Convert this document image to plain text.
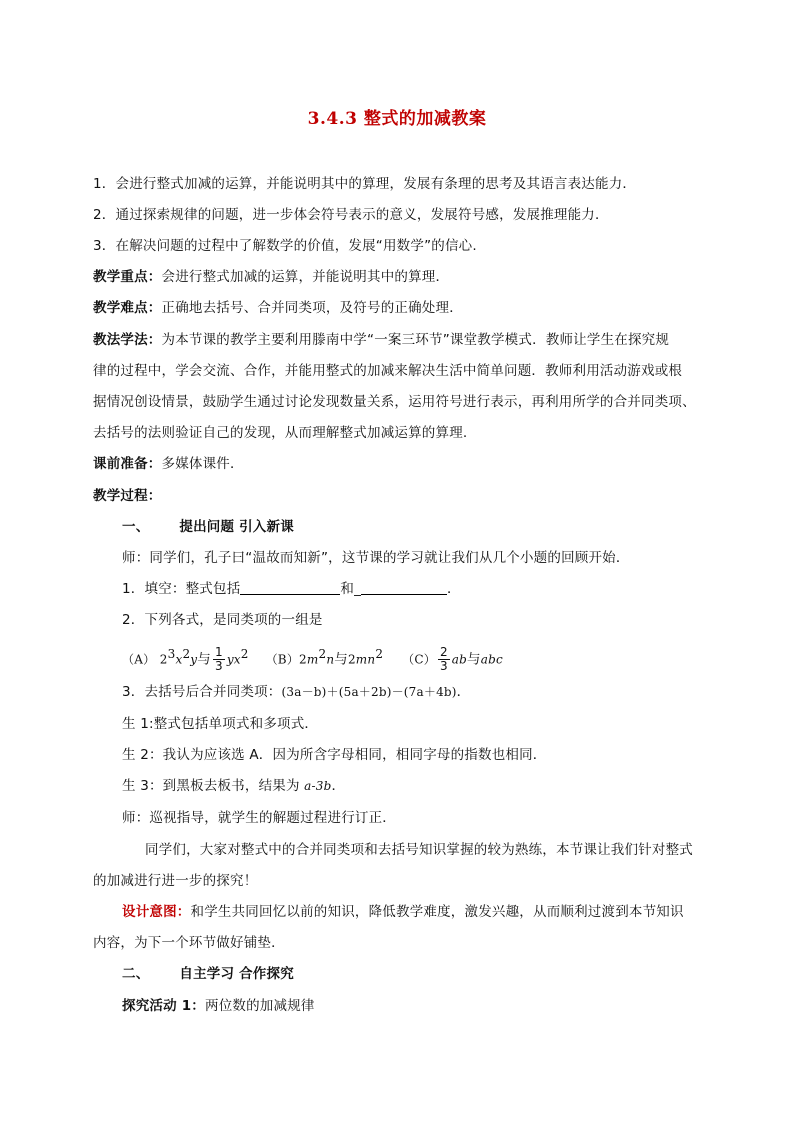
3.4.3 整式的加减教案
1．会进行整式加减的运算，并能说明其中的算理，发展有条理的思考及其语言表达能力．
2．通过探索规律的问题，进一步体会符号表示的意义，发展符号感，发展推理能力．
3．在解决问题的过程中了解数学的价值，发展“用数学”的信心.
教学重点：会进行整式加减的运算，并能说明其中的算理．
教学难点：正确地去括号、合并同类项，及符号的正确处理．
教法学法：为本节课的教学主要利用滕南中学“一案三环节”课堂教学模式．教师让学生在探究规
律的过程中，学会交流、合作，并能用整式的加减来解决生活中简单问题．教师利用活动游戏或根
据情况创设情景，鼓励学生通过讨论发现数量关系，运用符号进行表示，再利用所学的合并同类项、
去括号的法则验证自己的发现，从而理解整式加减运算的算理.
课前准备：多媒体课件．
教学过程：
一、 提出问题 引入新课
师：同学们，孔子曰“温故而知新”，这节课的学习就让我们从几个小题的回顾开始．
1．填空：整式包括	和_	．
2．下列各式，是同类项的一组是
（A） $2^3x^2y$与 $\frac{1}{3} yx^2$ $(B)2m^2n$与$2mn^2$ $(C) \frac{2}{3}$ ab与abc
3．去括号后合并同类项：(3a－b)＋(5a＋2b)－(7a＋4b)．
生 1:整式包括单项式和多项式．
生 2：我认为应该选 A．因为所含字母相同，相同字母的指数也相同．
生 3：到黑板去板书，结果为 a-3b．
师：巡视指导，就学生的解题过程进行订正．
同学们，大家对整式中的合并同类项和去括号知识掌握的较为熟练，本节课让我们针对整式
的加减进行进一步的探究！
设计意图：和学生共同回忆以前的知识，降低教学难度，激发兴趣，从而顺利过渡到本节知识
内容，为下一个环节做好铺垫．
二、 自主学习 合作探究
探究活动 1：两位数的加减规律
